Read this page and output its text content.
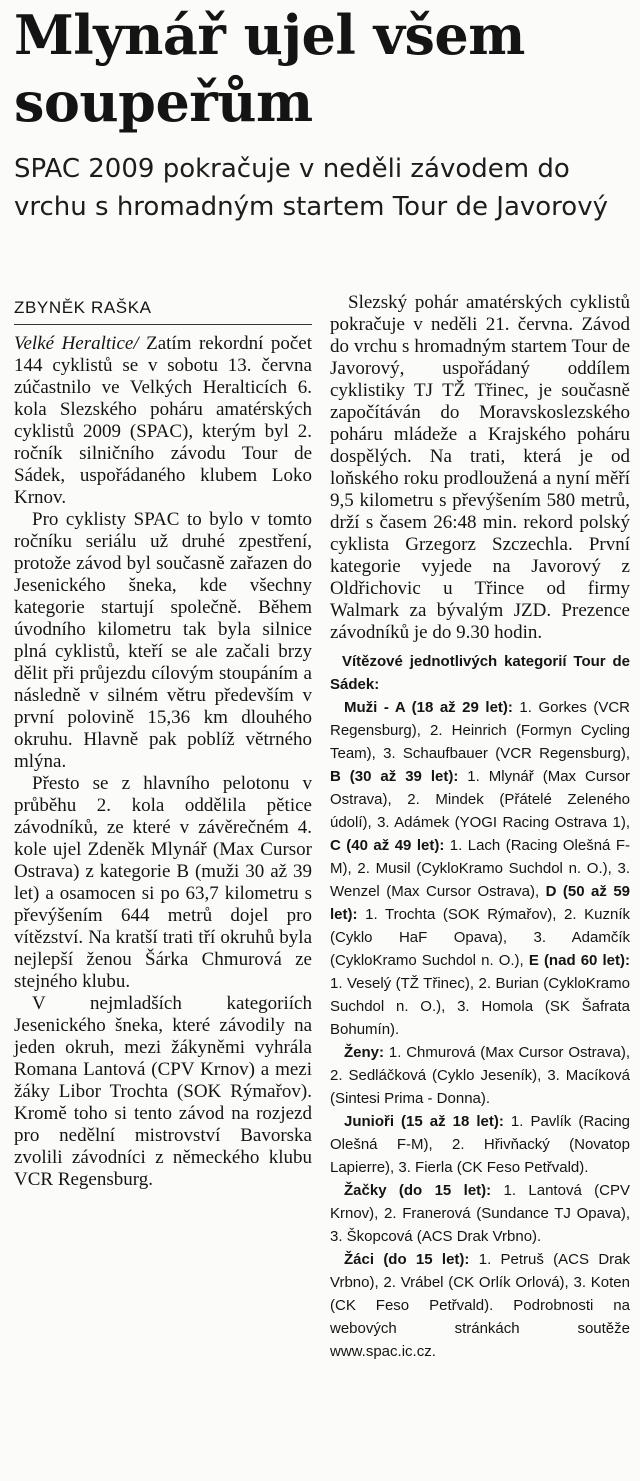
Mlynář ujel všem soupeřům
SPAC 2009 pokračuje v neděli závodem do vrchu s hromadným startem Tour de Javorový
ZBYNĚK RAŠKA

Velké Heraltice/ Zatím rekordní počet 144 cyklistů se v sobotu 13. června zúčastnilo ve Velkých Heralticích 6. kola Slezského poháru amatérských cyklistů 2009 (SPAC), kterým byl 2. ročník silničního závodu Tour de Sádek, uspořádaného klubem Loko Krnov.

Pro cyklisty SPAC to bylo v tomto ročníku seriálu už druhé zpestření, protože závod byl současně zařazen do Jesenického šneka, kde všechny kategorie startují společně. Během úvodního kilometru tak byla silnice plná cyklistů, kteří se ale začali brzy dělit při průjezdu cílovým stoupáním a následně v silném větru především v první polovině 15,36 km dlouhého okruhu. Hlavně pak poblíž větrného mlýna.

Přesto se z hlavního pelotonu v průběhu 2. kola oddělila pětice závodníků, ze které v závěrečném 4. kole ujel Zdeněk Mlynář (Max Cursor Ostrava) z kategorie B (muži 30 až 39 let) a osamocen si po 63,7 kilometru s převýšením 644 metrů dojel pro vítězství. Na kratší trati tří okruhů byla nejlepší ženou Šárka Chmurová ze stejného klubu.

V nejmladších kategoriích Jesenického šneka, které závodily na jeden okruh, mezi žákyněmi vyhrála Romana Lantová (CPV Krnov) a mezi žáky Libor Trochta (SOK Rýmařov). Kromě toho si tento závod na rozjezd pro nedělní mistrovství Bavorska zvolili závodníci z německého klubu VCR Regensburg.

Slezský pohár amatérských cyklistů pokračuje v neděli 21. června. Závod do vrchu s hromadným startem Tour de Javorový, uspořádaný oddílem cyklistiky TJ TŽ Třinec, je současně započítáván do Moravskoslezského poháru mládeže a Krajského poháru dospělých. Na trati, která je od loňského roku prodloužená a nyní měří 9,5 kilometru s převýšením 580 metrů, drží s časem 26:48 min. rekord polský cyklista Grzegorz Szczechla. První kategorie vyjede na Javorový z Oldřichovic u Třince od firmy Walmark za bývalým JZD. Prezence závodníků je do 9.30 hodin.

Vítězové jednotlivých kategorií Tour de Sádek:

Muži - A (18 až 29 let): 1. Gorkes (VCR Regensburg), 2. Heinrich (Formyn Cycling Team), 3. Schaufbauer (VCR Regensburg), B (30 až 39 let): 1. Mlynář (Max Cursor Ostrava), 2. Mindek (Přátelé Zeleného údolí), 3. Adámek (YOGI Racing Ostrava 1), C (40 až 49 let): 1. Lach (Racing Olešná F-M), 2. Musil (CykloKramo Suchdol n. O.), 3. Wenzel (Max Cursor Ostrava), D (50 až 59 let): 1. Trochta (SOK Rýmařov), 2. Kuzník (Cyklo HaF Opava), 3. Adamčík (CykloKramo Suchdol n. O.), E (nad 60 let): 1. Veselý (TŽ Třinec), 2. Burian (CykloKramo Suchdol n. O.), 3. Homola (SK Šafrata Bohumín).

Ženy: 1. Chmurová (Max Cursor Ostrava), 2. Sedláčková (Cyklo Jeseník), 3. Macíková (Sintesi Prima - Donna).

Junioři (15 až 18 let): 1. Pavlík (Racing Olešná F-M), 2. Hřivňacký (Novatop Lapierre), 3. Fierla (CK Feso Petřvald).

Žačky (do 15 let): 1. Lantová (CPV Krnov), 2. Franerová (Sundance TJ Opava), 3. Škopcová (ACS Drak Vrbno).

Žáci (do 15 let): 1. Petruš (ACS Drak Vrbno), 2. Vrábel (CK Orlík Orlová), 3. Koten (CK Feso Petřvald). Podrobnosti na webových stránkách soutěže www.spac.ic.cz.
